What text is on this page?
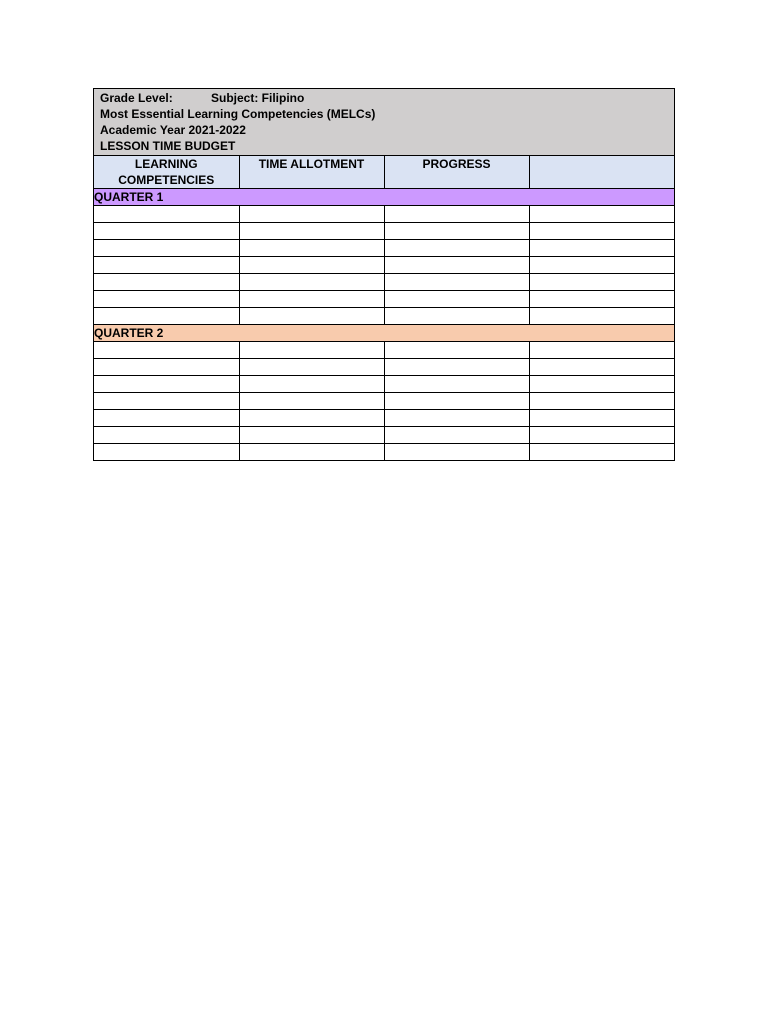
Grade Level:	Subject: Filipino
Most Essential Learning Competencies (MELCs)
Academic Year 2021-2022
LESSON TIME BUDGET
LEARNING
COMPETENCIES	TIME ALLOTMENT	PROGRESS	
QUARTER 1			

QUARTER 2			
